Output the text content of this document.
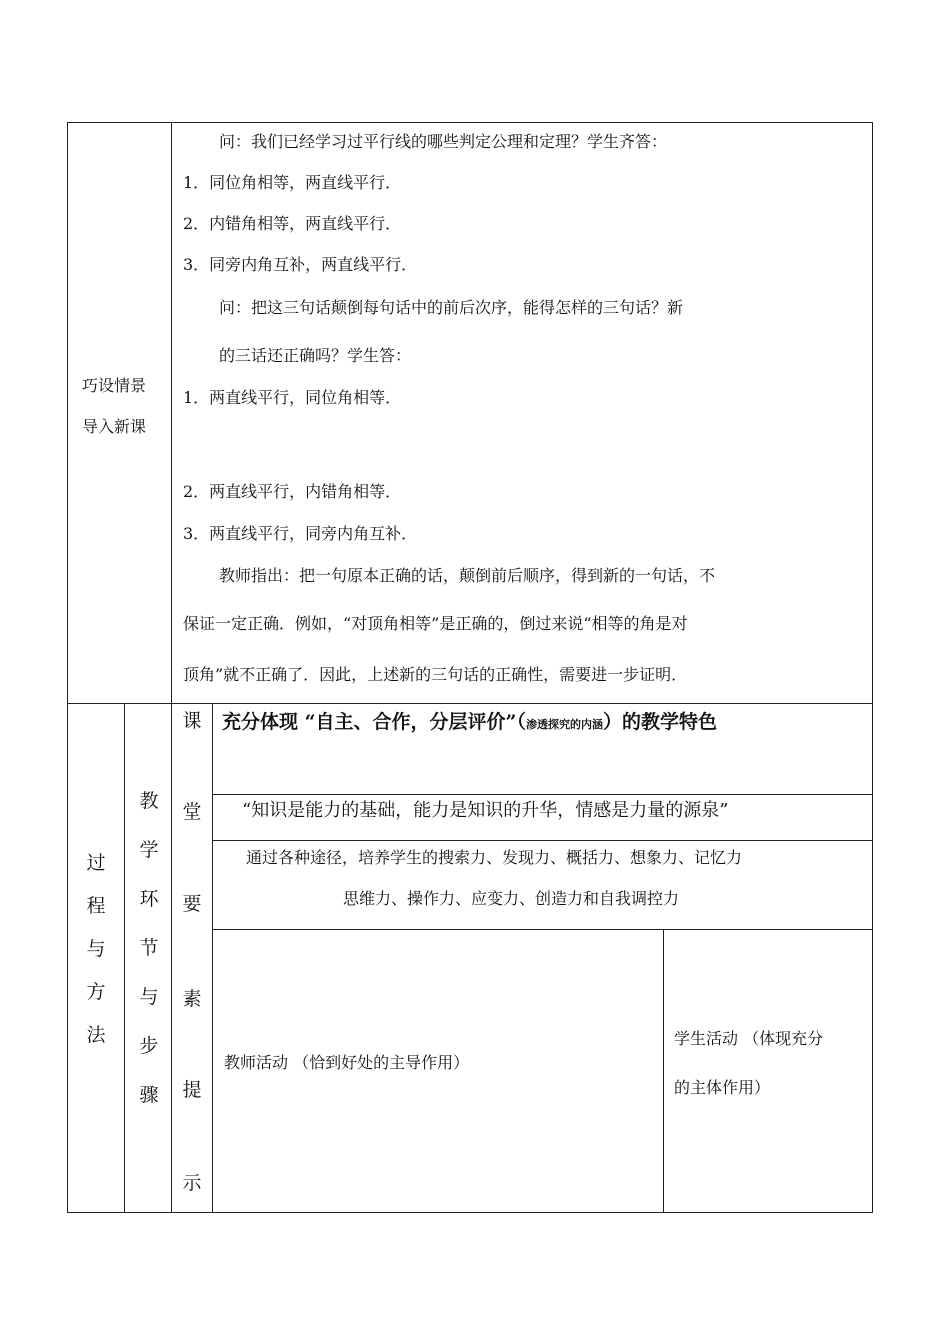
巧设情景
导入新课
问：我们已经学习过平行线的哪些判定公理和定理？学生齐答：
1．同位角相等，两直线平行．
2．内错角相等，两直线平行．
3．同旁内角互补，两直线平行．
问：把这三句话颠倒每句话中的前后次序，能得怎样的三句话？新
的三话还正确吗？学生答：
1．两直线平行，同位角相等．
2．两直线平行，内错角相等．
3．两直线平行，同旁内角互补．
教师指出：把一句原本正确的话，颠倒前后顺序，得到新的一句话，不
保证一定正确．例如，“对顶角相等”是正确的，倒过来说“相等的角是对
顶角”就不正确了．因此，上述新的三句话的正确性，需要进一步证明．
过
程
与
方
法
教
学
环
节
与
步
骤
课
堂
要
素
提
示
充分体现 “自主、合作，分层评价”（渗透探究的内涵）的教学特色
“知识是能力的基础，能力是知识的升华，情感是力量的源泉”
通过各种途径，培养学生的搜索力、发现力、概括力、想象力、记忆力
思维力、操作力、应变力、创造力和自我调控力
教师活动 （恰到好处的主导作用）
学生活动 （体现充分
的主体作用）
